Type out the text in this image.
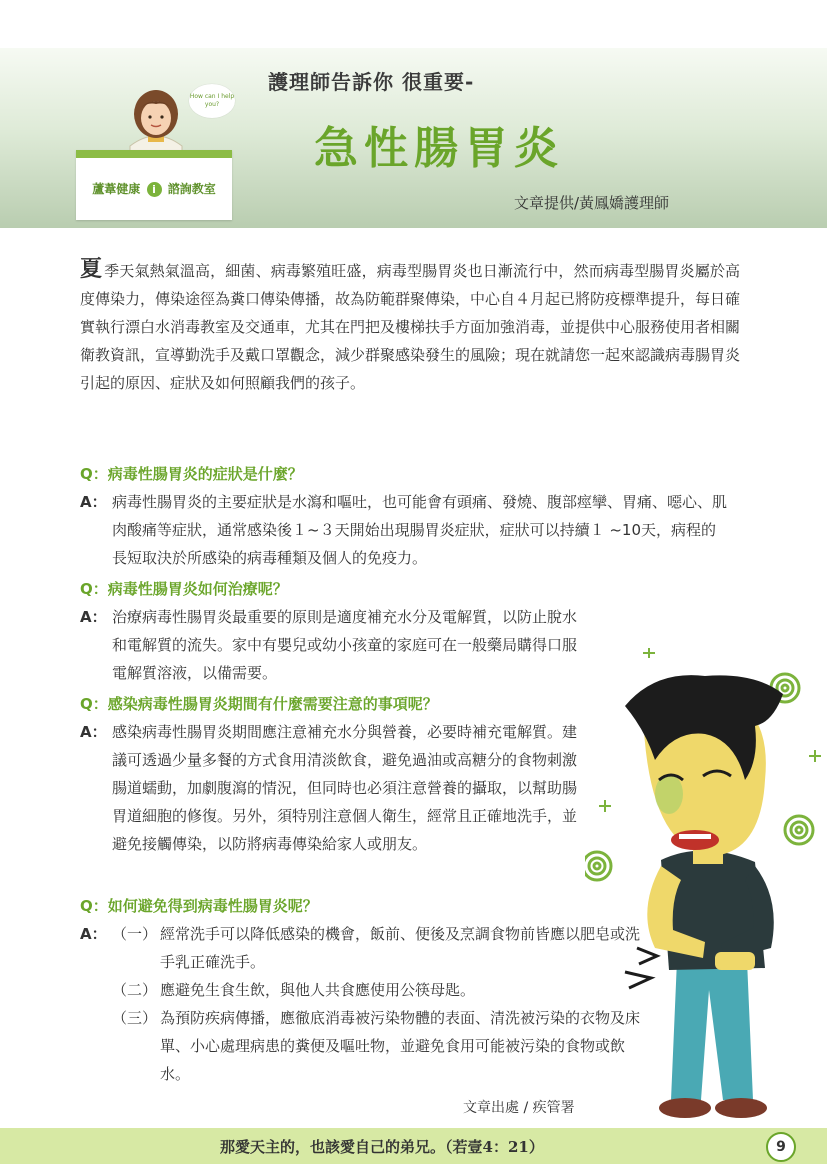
How can I help you?
蘆葦健康 i 諮詢教室
護理師告訴你 很重要-
急性腸胃炎
文章提供/黃鳳嬌護理師
夏 季天氣熱氣溫高，細菌、病毒繁殖旺盛，病毒型腸胃炎也日漸流行中，然而病毒型腸胃炎屬於高度傳染力，傳染途徑為糞口傳染傳播，故為防範群聚傳染，中心自４月起已將防疫標準提升，每日確實執行漂白水消毒教室及交通車，尤其在門把及樓梯扶手方面加強消毒，並提供中心服務使用者相關衛教資訊，宣導勤洗手及戴口罩觀念，減少群聚感染發生的風險；現在就請您一起來認識病毒腸胃炎引起的原因、症狀及如何照顧我們的孩子。
Q：病毒性腸胃炎的症狀是什麼？
A： 病毒性腸胃炎的主要症狀是水瀉和嘔吐，也可能會有頭痛、發燒、腹部痙攣、胃痛、噁心、肌肉酸痛等症狀，通常感染後１~３天開始出現腸胃炎症狀，症狀可以持續１ ~10天，病程的長短取決於所感染的病毒種類及個人的免疫力。
Q：病毒性腸胃炎如何治療呢？
A： 治療病毒性腸胃炎最重要的原則是適度補充水分及電解質，以防止脫水和電解質的流失。家中有嬰兒或幼小孩童的家庭可在一般藥局購得口服電解質溶液，以備需要。
Q：感染病毒性腸胃炎期間有什麼需要注意的事項呢？
A： 感染病毒性腸胃炎期間應注意補充水分與營養，必要時補充電解質。建議可透過少量多餐的方式食用清淡飲食，避免過油或高糖分的食物刺激腸道蠕動，加劇腹瀉的情況，但同時也必須注意營養的攝取，以幫助腸胃道細胞的修復。另外，須特別注意個人衛生，經常且正確地洗手，並避免接觸傳染，以防將病毒傳染給家人或朋友。
Q：如何避免得到病毒性腸胃炎呢？
A： （一） 經常洗手可以降低感染的機會，飯前、便後及烹調食物前皆應以肥皂或洗手乳正確洗手。
（二） 應避免生食生飲，與他人共食應使用公筷母匙。
（三） 為預防疾病傳播，應徹底消毒被污染物體的表面、清洗被污染的衣物及床單、小心處理病患的糞便及嘔吐物，並避免食用可能被污染的食物或飲水。
文章出處 / 疾管署
那愛天主的，也該愛自己的弟兄。（若壹4：21）	9
